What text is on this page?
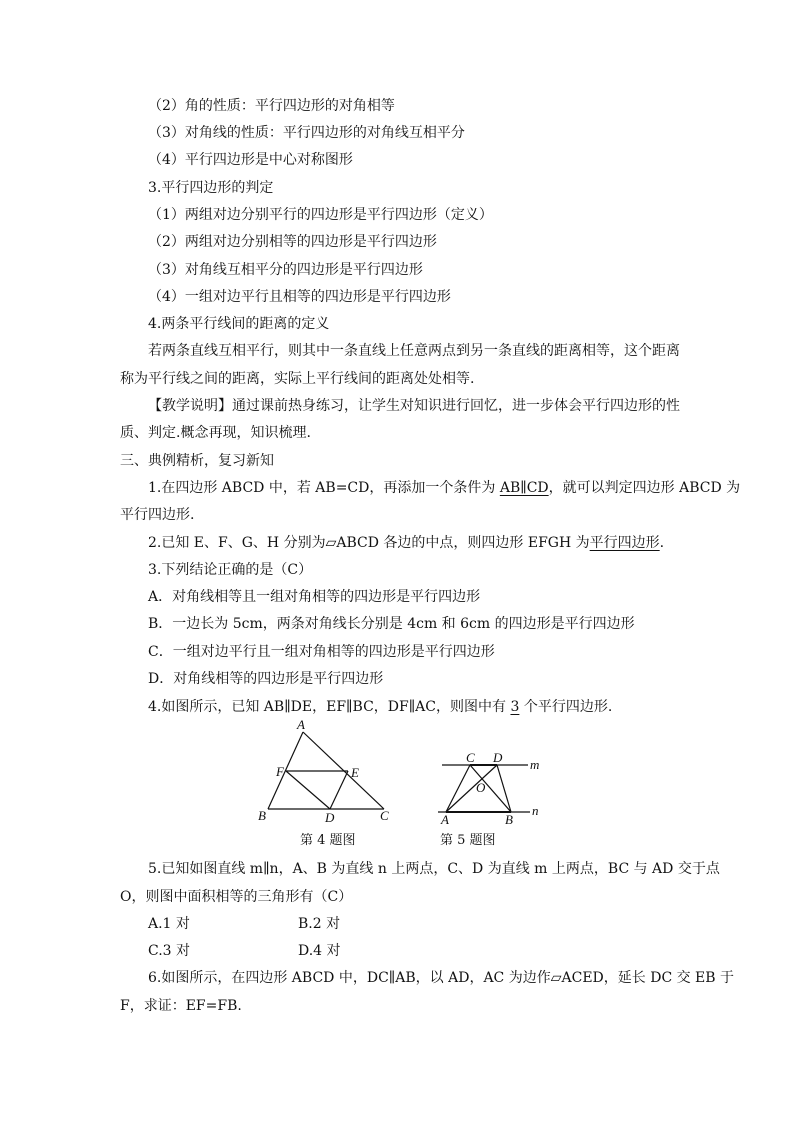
（2）角的性质：平行四边形的对角相等
（3）对角线的性质：平行四边形的对角线互相平分
（4）平行四边形是中心对称图形
3.平行四边形的判定
（1）两组对边分别平行的四边形是平行四边形（定义）
（2）两组对边分别相等的四边形是平行四边形
（3）对角线互相平分的四边形是平行四边形
（4）一组对边平行且相等的四边形是平行四边形
4.两条平行线间的距离的定义
若两条直线互相平行，则其中一条直线上任意两点到另一条直线的距离相等，这个距离
称为平行线之间的距离，实际上平行线间的距离处处相等.
【教学说明】通过课前热身练习，让学生对知识进行回忆，进一步体会平行四边形的性
质、判定.概念再现，知识梳理.
三、典例精析，复习新知
1.在四边形 ABCD 中，若 AB=CD，再添加一个条件为 AB∥CD，就可以判定四边形 ABCD 为
平行四边形.
2.已知 E、F、G、H 分别为▱ABCD 各边的中点，则四边形 EFGH 为平行四边形.
3.下列结论正确的是（C）
A．对角线相等且一组对角相等的四边形是平行四边形
B．一边长为 5cm，两条对角线长分别是 4cm 和 6cm 的四边形是平行四边形
C．一组对边平行且一组对角相等的四边形是平行四边形
D．对角线相等的四边形是平行四边形
4.如图所示，已知 AB∥DE，EF∥BC，DF∥AC，则图中有 3 个平行四边形.
A
F	E
B	D	C
第 4 题图
C D m
O
n
A	B
第 5 题图
5.已知如图直线 m∥n，A、B 为直线 n 上两点，C、D 为直线 m 上两点，BC 与 AD 交于点
O，则图中面积相等的三角形有（C）
A.1 对	B.2 对
C.3 对	D.4 对
6.如图所示，在四边形 ABCD 中，DC∥AB，以 AD，AC 为边作▱ACED，延长 DC 交 EB 于
F，求证：EF=FB.
